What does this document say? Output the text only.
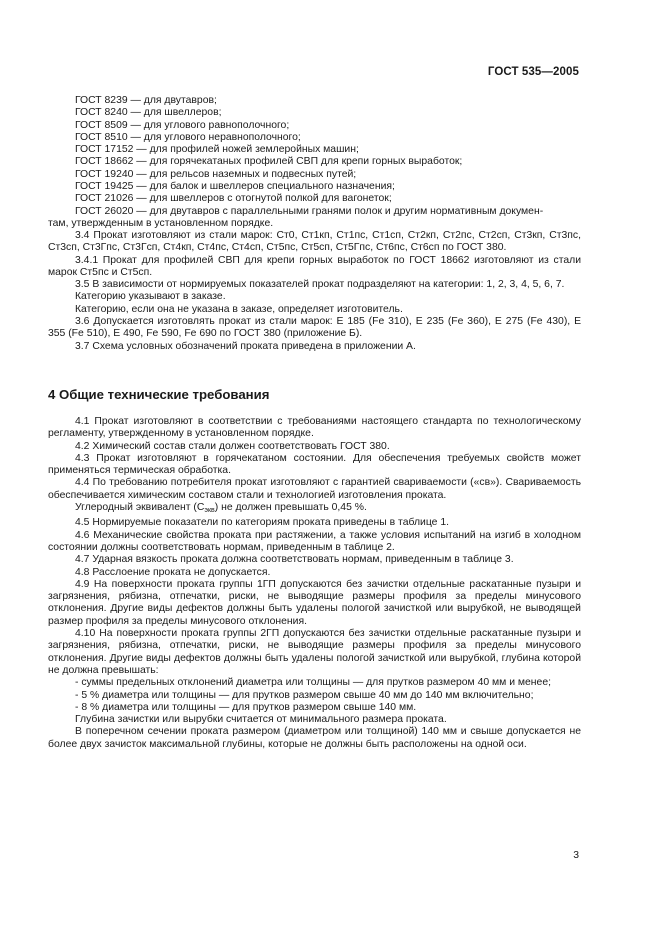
ГОСТ 535—2005

ГОСТ 8239 — для двутавров;

ГОСТ 8240 — для швеллеров;

ГОСТ 8509 — для углового равнополочного;

ГОСТ 8510 — для углового неравнополочного;

ГОСТ 17152 — для профилей ножей землеройных машин;

ГОСТ 18662 — для горячекатаных профилей СВП для крепи горных выработок;

ГОСТ 19240 — для рельсов наземных и подвесных путей;

ГОСТ 19425 — для балок и швеллеров специального назначения;

ГОСТ 21026 — для швеллеров с отогнутой полкой для вагонеток;

ГОСТ 26020 — для двутавров с параллельными гранями полок и другим нормативным докумен-

там, утвержденным в установленном порядке.

3.4 Прокат изготовляют из стали марок: Ст0, Ст1кп, Ст1пс, Ст1сп, Ст2кп, Ст2пс, Ст2сп, Ст3кп, Ст3пс, Ст3сп, Ст3Гпс, Ст3Гсп, Ст4кп, Ст4пс, Ст4сп, Ст5пс, Ст5сп, Ст5Гпс, Ст6пс, Ст6сп по ГОСТ 380.

3.4.1 Прокат для профилей СВП для крепи горных выработок по ГОСТ 18662 изготовляют из стали марок Ст5пс и Ст5сп.

3.5 В зависимости от нормируемых показателей прокат подразделяют на категории: 1, 2, 3, 4, 5, 6, 7.

Категорию указывают в заказе.

Категорию, если она не указана в заказе, определяет изготовитель.

3.6 Допускается изготовлять прокат из стали марок: Е 185 (Fe 310), Е 235 (Fe 360), Е 275 (Fe 430), Е 355 (Fe 510), Е 490, Fe 590, Fe 690 по ГОСТ 380 (приложение Б).

3.7 Схема условных обозначений проката приведена в приложении А.

4 Общие технические требования

4.1 Прокат изготовляют в соответствии с требованиями настоящего стандарта по технологическому регламенту, утвержденному в установленном порядке.

4.2 Химический состав стали должен соответствовать ГОСТ 380.

4.3 Прокат изготовляют в горячекатаном состоянии. Для обеспечения требуемых свойств может применяться термическая обработка.

4.4 По требованию потребителя прокат изготовляют с гарантией свариваемости («св»). Свариваемость обеспечивается химическим составом стали и технологией изготовления проката.

Углеродный эквивалент $(С_{экв})$ не должен превышать 0,45 %.

4.5 Нормируемые показатели по категориям проката приведены в таблице 1.

4.6 Механические свойства проката при растяжении, а также условия испытаний на изгиб в холодном состоянии должны соответствовать нормам, приведенным в таблице 2.

4.7 Ударная вязкость проката должна соответствовать нормам, приведенным в таблице 3.

4.8 Расслоение проката не допускается.

4.9 На поверхности проката группы 1ГП допускаются без зачистки отдельные раскатанные пузыри и загрязнения, рябизна, отпечатки, риски, не выводящие размеры профиля за пределы минусового отклонения. Другие виды дефектов должны быть удалены пологой зачисткой или вырубкой, не выводящей размер профиля за пределы минусового отклонения.

4.10 На поверхности проката группы 2ГП допускаются без зачистки отдельные раскатанные пузыри и загрязнения, рябизна, отпечатки, риски, не выводящие размеры профиля за пределы минусового отклонения. Другие виды дефектов должны быть удалены пологой зачисткой или вырубкой, глубина которой не должна превышать:

- суммы предельных отклонений диаметра или толщины — для прутков размером 40 мм и менее;

- 5 % диаметра или толщины — для прутков размером свыше 40 мм до 140 мм включительно;

- 8 % диаметра или толщины — для прутков размером свыше 140 мм.

Глубина зачистки или вырубки считается от минимального размера проката.

В поперечном сечении проката размером (диаметром или толщиной) 140 мм и свыше допускается не более двух зачисток максимальной глубины, которые не должны быть расположены на одной оси.

3
